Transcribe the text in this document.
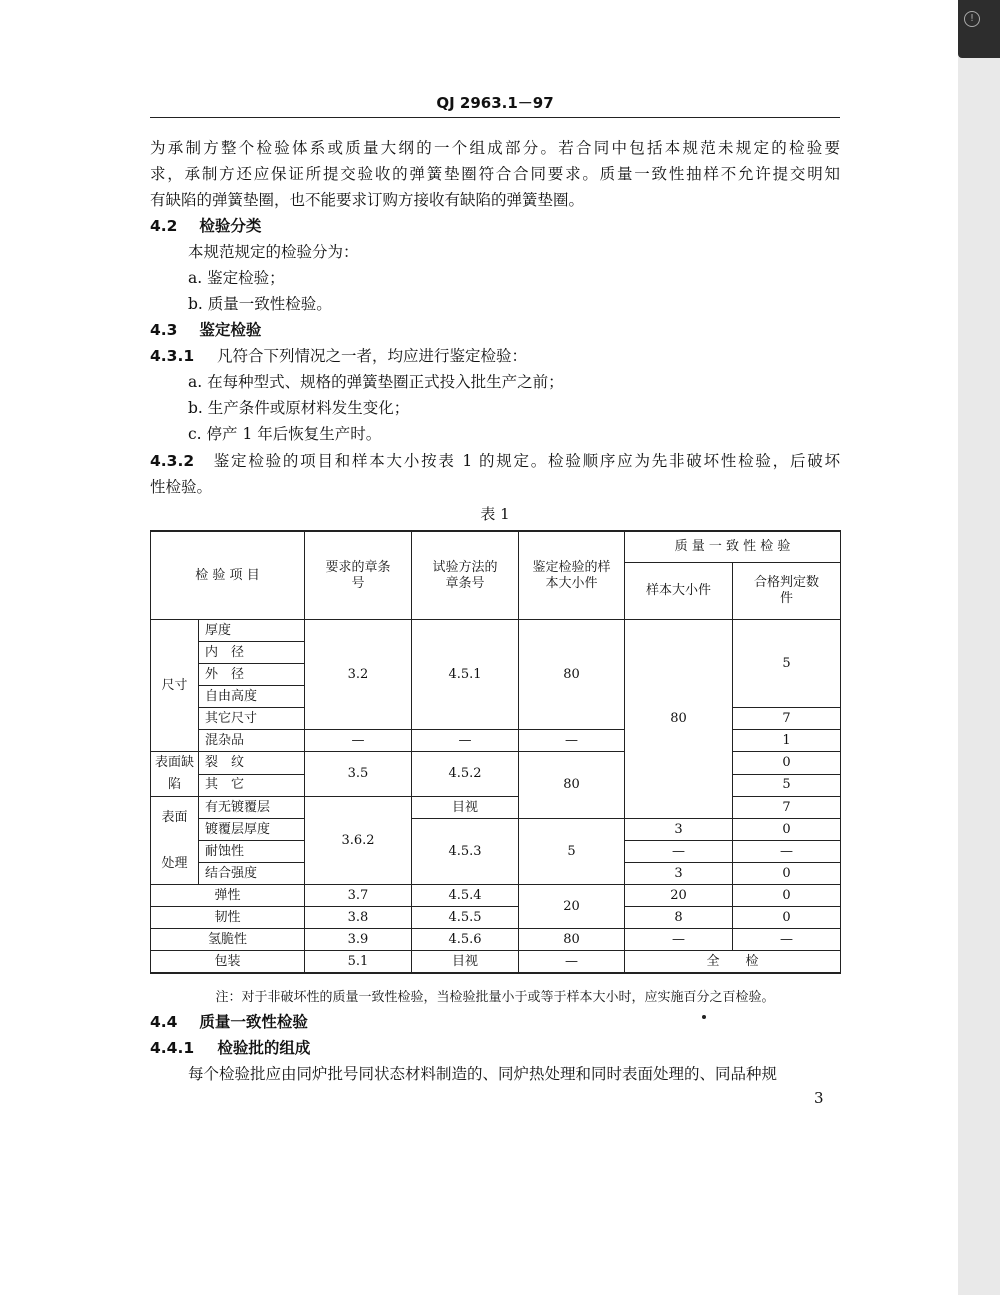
QJ 2963.1－97
为承制方整个检验体系或质量大纲的一个组成部分。若合同中包括本规范未规定的检验要
求，承制方还应保证所提交验收的弹簧垫圈符合合同要求。质量一致性抽样不允许提交明知
有缺陷的弹簧垫圈，也不能要求订购方接收有缺陷的弹簧垫圈。
4.2 检验分类
本规范规定的检验分为：
a. 鉴定检验；
b. 质量一致性检验。
4.3 鉴定检验
4.3.1 凡符合下列情况之一者，均应进行鉴定检验：
a. 在每种型式、规格的弹簧垫圈正式投入批生产之前；
b. 生产条件或原材料发生变化；
c. 停产 1 年后恢复生产时。
4.3.2 鉴定检验的项目和样本大小按表 1 的规定。检验顺序应为先非破坏性检验，后破坏
性检验。
表 1
检 验 项 目		要求的章条号	试验方法的章条号	鉴定检验的样本大小件	质 量 一 致 性 检 验	
					样本大小件	合格判定数件
尺寸	厚度	3.2	4.5.1	80	80	5
	内　径					
	外　径					
	自由高度					
	其它尺寸					7
	混杂品	—	—	—		1
表面缺陷	裂　纹	3.5	4.5.2	80		0
	其　它					5

表面
处理	有无镀覆层	3.6.2	目视			7
	镀覆层厚度		4.5.3	5	3	0
	耐蚀性				—	—
	结合强度				3	0
弹性		3.7	4.5.4	20	20	0
韧性		3.8	4.5.5		8	0
氢脆性		3.9	4.5.6	80	—	—
包装		5.1	目视	—	全　　检	
注：对于非破坏性的质量一致性检验，当检验批量小于或等于样本大小时，应实施百分之百检验。
4.4 质量一致性检验
4.4.1 检验批的组成
每个检验批应由同炉批号同状态材料制造的、同炉热处理和同时表面处理的、同品种规
3
!
